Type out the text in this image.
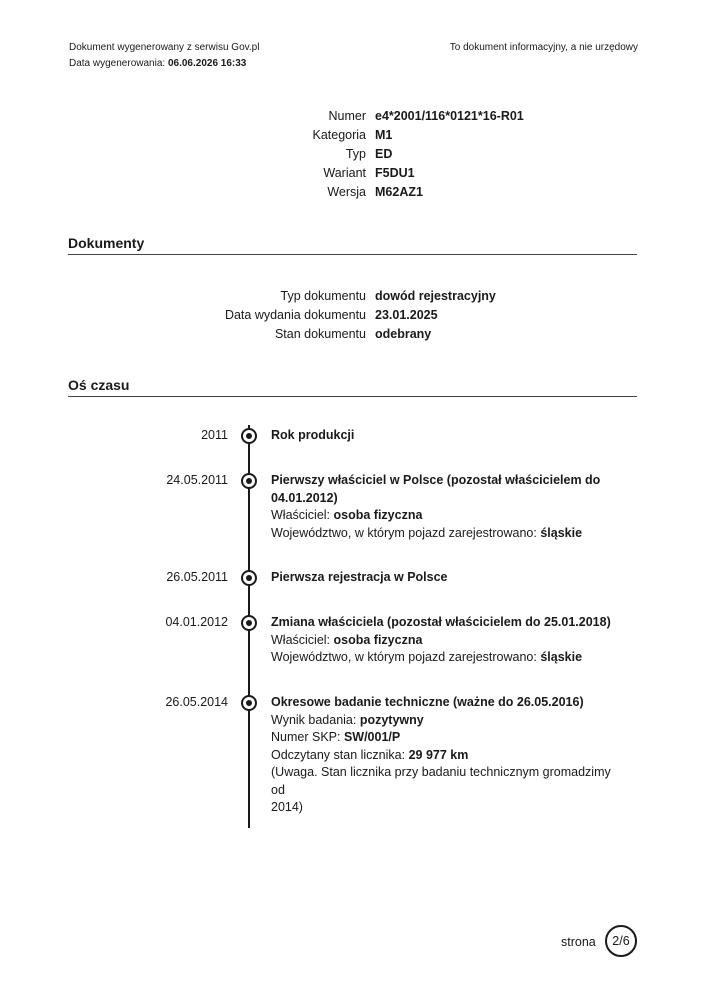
Dokument wygenerowany z serwisu Gov.pl
Data wygenerowania: 06.06.2026 16:33
To dokument informacyjny, a nie urzędowy
Numer e4*2001/116*0121*16-R01
Kategoria M1
Typ ED
Wariant F5DU1
Wersja M62AZ1
Dokumenty
Typ dokumentu dowód rejestracyjny
Data wydania dokumentu 23.01.2025
Stan dokumentu odebrany
Oś czasu
2011	Rok produkcji
24.05.2011	Pierwszy właściciel w Polsce (pozostał właścicielem do
04.01.2012)
Właściciel: osoba fizyczna
Województwo, w którym pojazd zarejestrowano: śląskie
26.05.2011	Pierwsza rejestracja w Polsce
04.01.2012	Zmiana właściciela (pozostał właścicielem do 25.01.2018)
Właściciel: osoba fizyczna
Województwo, w którym pojazd zarejestrowano: śląskie
26.05.2014	Okresowe badanie techniczne (ważne do 26.05.2016)
Wynik badania: pozytywny
Numer SKP: SW/001/P
Odczytany stan licznika: 29 977 km
(Uwaga. Stan licznika przy badaniu technicznym gromadzimy od
2014)
strona	2/6
